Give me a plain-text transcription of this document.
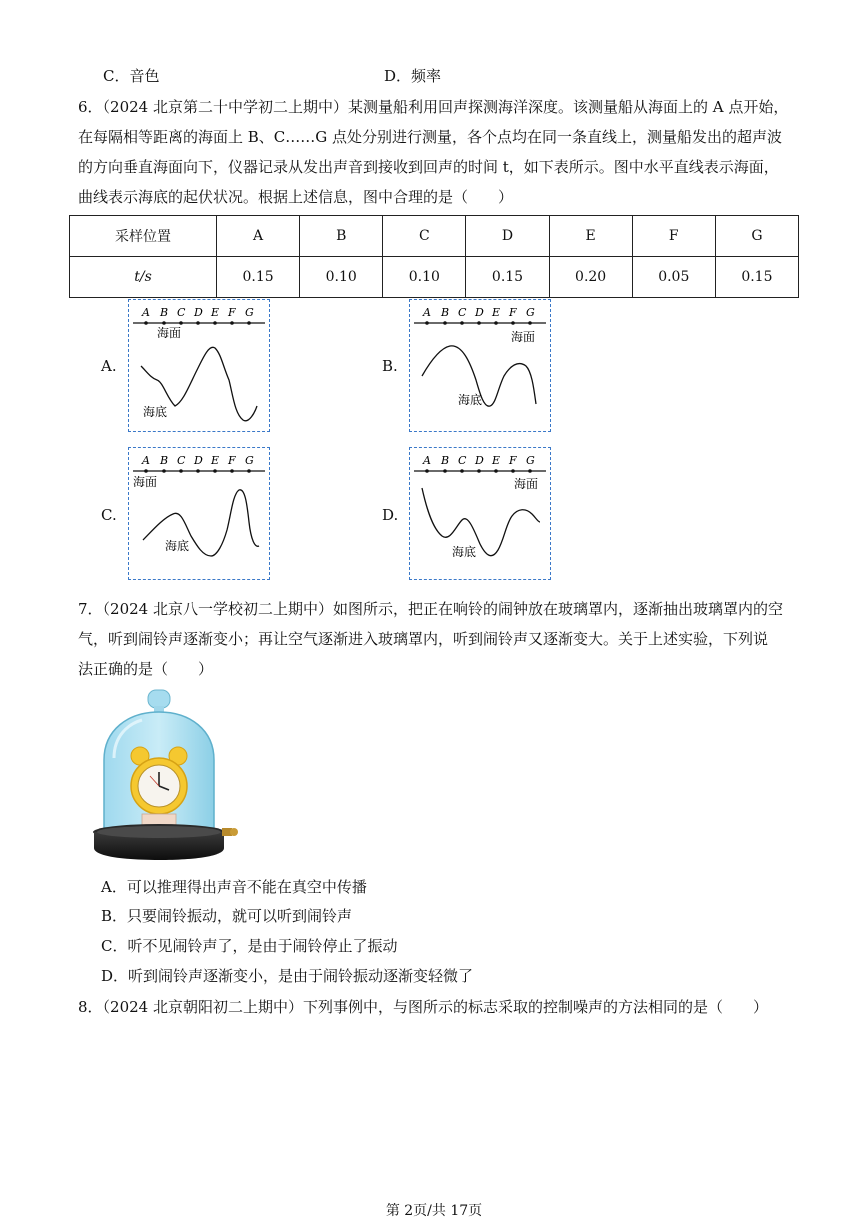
C．音色	D．频率
6．（2024 北京第二十中学初二上期中）某测量船利用回声探测海洋深度。该测量船从海面上的 A 点开始，
在每隔相等距离的海面上 B、C……G 点处分别进行测量，各个点均在同一条直线上，测量船发出的超声波
的方向垂直海面向下，仪器记录从发出声音到接收到回声的时间 t，如下表所示。图中水平直线表示海面，
曲线表示海底的起伏状况。根据上述信息，图中合理的是（　　）
采样位置	A	B	C	D	E	F	G
t/s	0.15	0.10	0.10	0.15	0.20	0.05	0.15
A.	B.
C.	D.
A B C D E F G
海面
海底
A B C D E F G
海面
海底
A B C D E F G
海面
海底
A B C D E F G
海面
海底
7．（2024 北京八一学校初二上期中）如图所示，把正在响铃的闹钟放在玻璃罩内，逐渐抽出玻璃罩内的空
气，听到闹铃声逐渐变小；再让空气逐渐进入玻璃罩内，听到闹铃声又逐渐变大。关于上述实验，下列说
法正确的是（　　）
A．可以推理得出声音不能在真空中传播
B．只要闹铃振动，就可以听到闹铃声
C．听不见闹铃声了，是由于闹铃停止了振动
D．听到闹铃声逐渐变小，是由于闹铃振动逐渐变轻微了
8．（2024 北京朝阳初二上期中）下列事例中，与图所示的标志采取的控制噪声的方法相同的是（　　）
第 2页/共 17页
